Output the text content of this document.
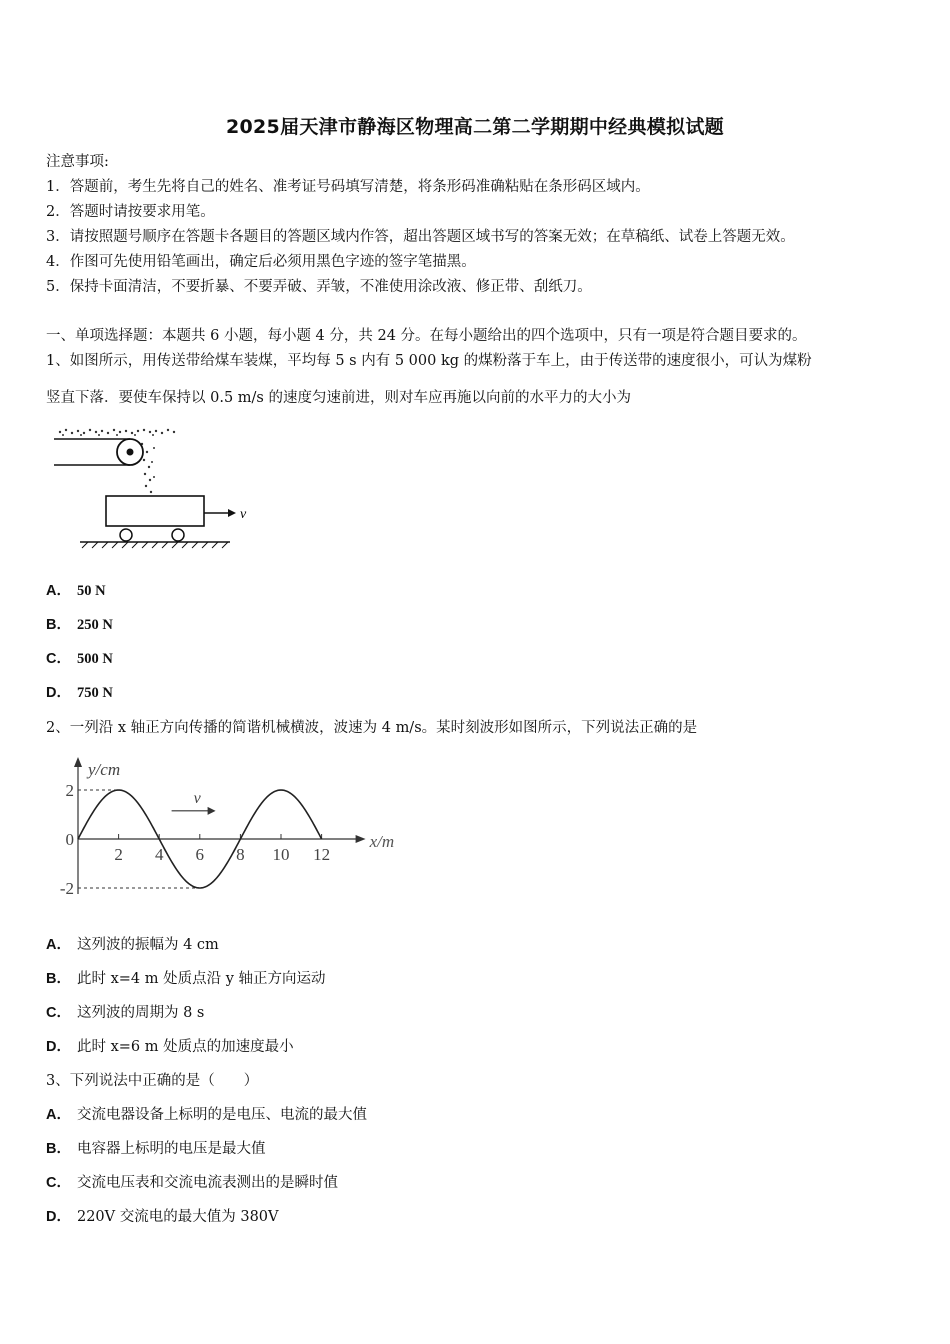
2025届天津市静海区物理高二第二学期期中经典模拟试题
注意事项:
1．答题前，考生先将自己的姓名、准考证号码填写清楚，将条形码准确粘贴在条形码区域内。
2．答题时请按要求用笔。
3．请按照题号顺序在答题卡各题目的答题区域内作答，超出答题区域书写的答案无效；在草稿纸、试卷上答题无效。
4．作图可先使用铅笔画出，确定后必须用黑色字迹的签字笔描黑。
5．保持卡面清洁，不要折暴、不要弄破、弄皱，不准使用涂改液、修正带、刮纸刀。
一、单项选择题：本题共 6 小题，每小题 4 分，共 24 分。在每小题给出的四个选项中，只有一项是符合题目要求的。
1、如图所示，用传送带给煤车装煤，平均每 5 s 内有 5 000 kg 的煤粉落于车上，由于传送带的速度很小，可认为煤粉
竖直下落．要使车保持以 0.5 m/s 的速度匀速前进，则对车应再施以向前的水平力的大小为
v
A． 50 N
B． 250 N
C． 500 N
D． 750 N
2、一列沿 x 轴正方向传播的简谐机械横波，波速为 4 m/s。某时刻波形如图所示，下列说法正确的是
y/cm
x/m
2 4 6 8 10 12
2
0
-2
v
A． 这列波的振幅为 4 cm
B． 此时 x=4 m 处质点沿 y 轴正方向运动
C． 这列波的周期为 8 s
D． 此时 x=6 m 处质点的加速度最小
3、下列说法中正确的是（　　）
A． 交流电器设备上标明的是电压、电流的最大值
B． 电容器上标明的电压是最大值
C． 交流电压表和交流电流表测出的是瞬时值
D． 220V 交流电的最大值为 380V
